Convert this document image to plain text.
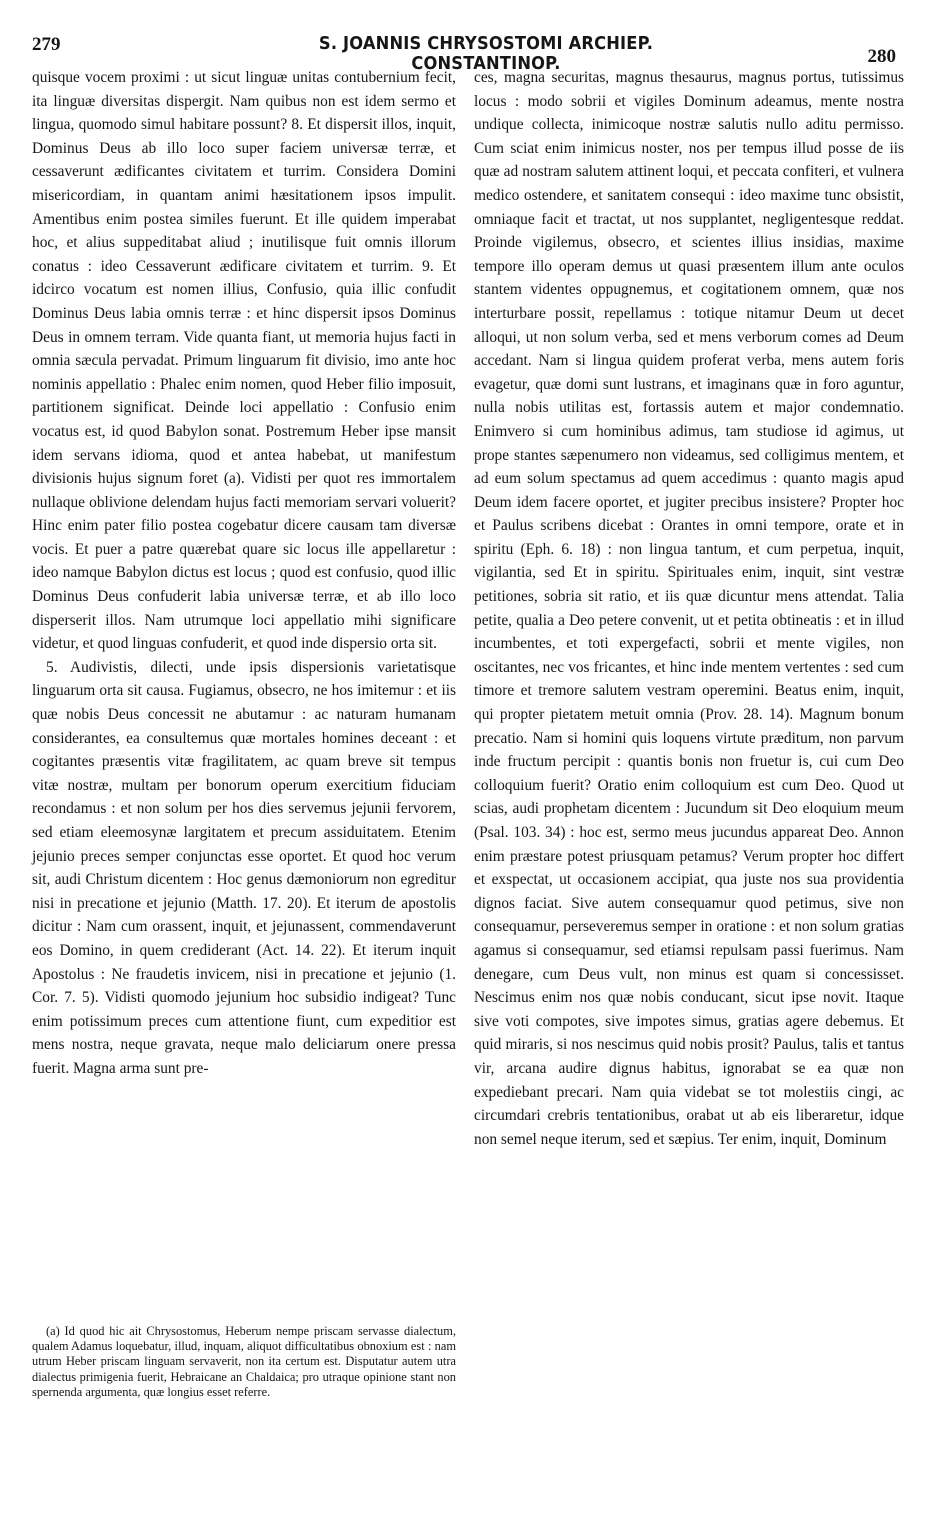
279	S. JOANNIS CHRYSOSTOMI ARCHIEP. CONSTANTINOP.	280

quisque vocem proximi : ut sicut linguæ unitas contubernium fecit, ita linguæ diversitas dispergit. Nam quibus non est idem sermo et lingua, quomodo simul habitare possunt? 8. Et dispersit illos, inquit, Dominus Deus ab illo loco super faciem universæ terræ, et cessaverunt ædificantes civitatem et turrim. Considera Domini misericordiam, in quantam animi hæsitationem ipsos impulit. Amentibus enim postea similes fuerunt. Et ille quidem imperabat hoc, et alius suppeditabat aliud ; inutilisque fuit omnis illorum conatus : ideo Cessaverunt ædificare civitatem et turrim. 9. Et idcirco vocatum est nomen illius, Confusio, quia illic confudit Dominus Deus labia omnis terræ : et hinc dispersit ipsos Dominus Deus in omnem terram. Vide quanta fiant, ut memoria hujus facti in omnia sæcula pervadat. Primum linguarum fit divisio, imo ante hoc nominis appellatio : Phalec enim nomen, quod Heber filio imposuit, partitionem significat. Deinde loci appellatio : Confusio enim vocatus est, id quod Babylon sonat. Postremum Heber ipse mansit idem servans idioma, quod et antea habebat, ut manifestum divisionis hujus signum foret (a). Vidisti per quot res immortalem nullaque oblivione delendam hujus facti memoriam servari voluerit? Hinc enim pater filio postea cogebatur dicere causam tam diversæ vocis. Et puer a patre quærebat quare sic locus ille appellaretur : ideo namque Babylon dictus est locus ; quod est confusio, quod illic Dominus Deus confuderit labia universæ terræ, et ab illo loco disperserit illos. Nam utrumque loci appellatio mihi significare videtur, et quod linguas confuderit, et quod inde dispersio orta sit.

5. Audivistis, dilecti, unde ipsis dispersionis varietatisque linguarum orta sit causa. Fugiamus, obsecro, ne hos imitemur : et iis quæ nobis Deus concessit ne abutamur : ac naturam humanam considerantes, ea consultemus quæ mortales homines deceant : et cogitantes præsentis vitæ fragilitatem, ac quam breve sit tempus vitæ nostræ, multam per bonorum operum exercitium fiduciam recondamus : et non solum per hos dies servemus jejunii fervorem, sed etiam eleemosynæ largitatem et precum assiduitatem. Etenim jejunio preces semper conjunctas esse oportet. Et quod hoc verum sit, audi Christum dicentem : Hoc genus dæmoniorum non egreditur nisi in precatione et jejunio (Matth. 17. 20). Et iterum de apostolis dicitur : Nam cum orassent, inquit, et jejunassent, commendaverunt eos Domino, in quem crediderant (Act. 14. 22). Et iterum inquit Apostolus : Ne fraudetis invicem, nisi in precatione et jejunio (1. Cor. 7. 5). Vidisti quomodo jejunium hoc subsidio indigeat? Tunc enim potissimum preces cum attentione fiunt, cum expeditior est mens nostra, neque gravata, neque malo deliciarum onere pressa fuerit. Magna arma sunt pre-

ces, magna securitas, magnus thesaurus, magnus portus, tutissimus locus : modo sobrii et vigiles Dominum adeamus, mente nostra undique collecta, inimicoque nostræ salutis nullo aditu permisso. Cum sciat enim inimicus noster, nos per tempus illud posse de iis quæ ad nostram salutem attinent loqui, et peccata confiteri, et vulnera medico ostendere, et sanitatem consequi : ideo maxime tunc obsistit, omniaque facit et tractat, ut nos supplantet, negligentesque reddat. Proinde vigilemus, obsecro, et scientes illius insidias, maxime tempore illo operam demus ut quasi præsentem illum ante oculos stantem videntes oppugnemus, et cogitationem omnem, quæ nos interturbare possit, repellamus : totique nitamur Deum ut decet alloqui, ut non solum verba, sed et mens verborum comes ad Deum accedant. Nam si lingua quidem proferat verba, mens autem foris evagetur, quæ domi sunt lustrans, et imaginans quæ in foro aguntur, nulla nobis utilitas est, fortassis autem et major condemnatio. Enimvero si cum hominibus adimus, tam studiose id agimus, ut prope stantes sæpenumero non videamus, sed colligimus mentem, et ad eum solum spectamus ad quem accedimus : quanto magis apud Deum idem facere oportet, et jugiter precibus insistere? Propter hoc et Paulus scribens dicebat : Orantes in omni tempore, orate et in spiritu (Eph. 6. 18) : non lingua tantum, et cum perpetua, inquit, vigilantia, sed Et in spiritu. Spirituales enim, inquit, sint vestræ petitiones, sobria sit ratio, et iis quæ dicuntur mens attendat. Talia petite, qualia a Deo petere convenit, ut et petita obtineatis : et in illud incumbentes, et toti expergefacti, sobrii et mente vigiles, non oscitantes, nec vos fricantes, et hinc inde mentem vertentes : sed cum timore et tremore salutem vestram operemini. Beatus enim, inquit, qui propter pietatem metuit omnia (Prov. 28. 14). Magnum bonum precatio. Nam si homini quis loquens virtute præditum, non parvum inde fructum percipit : quantis bonis non fruetur is, cui cum Deo colloquium fuerit? Oratio enim colloquium est cum Deo. Quod ut scias, audi prophetam dicentem : Jucundum sit Deo eloquium meum (Psal. 103. 34) : hoc est, sermo meus jucundus appareat Deo. Annon enim præstare potest priusquam petamus? Verum propter hoc differt et exspectat, ut occasionem accipiat, qua juste nos sua providentia dignos faciat. Sive autem consequamur quod petimus, sive non consequamur, perseveremus semper in oratione : et non solum gratias agamus si consequamur, sed etiamsi repulsam passi fuerimus. Nam denegare, cum Deus vult, non minus est quam si concessisset. Nescimus enim nos quæ nobis conducant, sicut ipse novit. Itaque sive voti compotes, sive impotes simus, gratias agere debemus. Et quid miraris, si nos nescimus quid nobis prosit? Paulus, talis et tantus vir, arcana audire dignus habitus, ignorabat se ea quæ non expediebant precari. Nam quia videbat se tot molestiis cingi, ac circumdari crebris tentationibus, orabat ut ab eis liberaretur, idque non semel neque iterum, sed et sæpius. Ter enim, inquit, Dominum

(a) Id quod hic ait Chrysostomus, Heberum nempe priscam servasse dialectum, qualem Adamus loquebatur, illud, inquam, aliquot difficultatibus obnoxium est : nam utrum Heber priscam linguam servaverit, non ita certum est. Disputatur autem utra dialectus primigenia fuerit, Hebraicane an Chaldaica; pro utraque opinione stant non spernenda argumenta, quæ longius esset referre.
